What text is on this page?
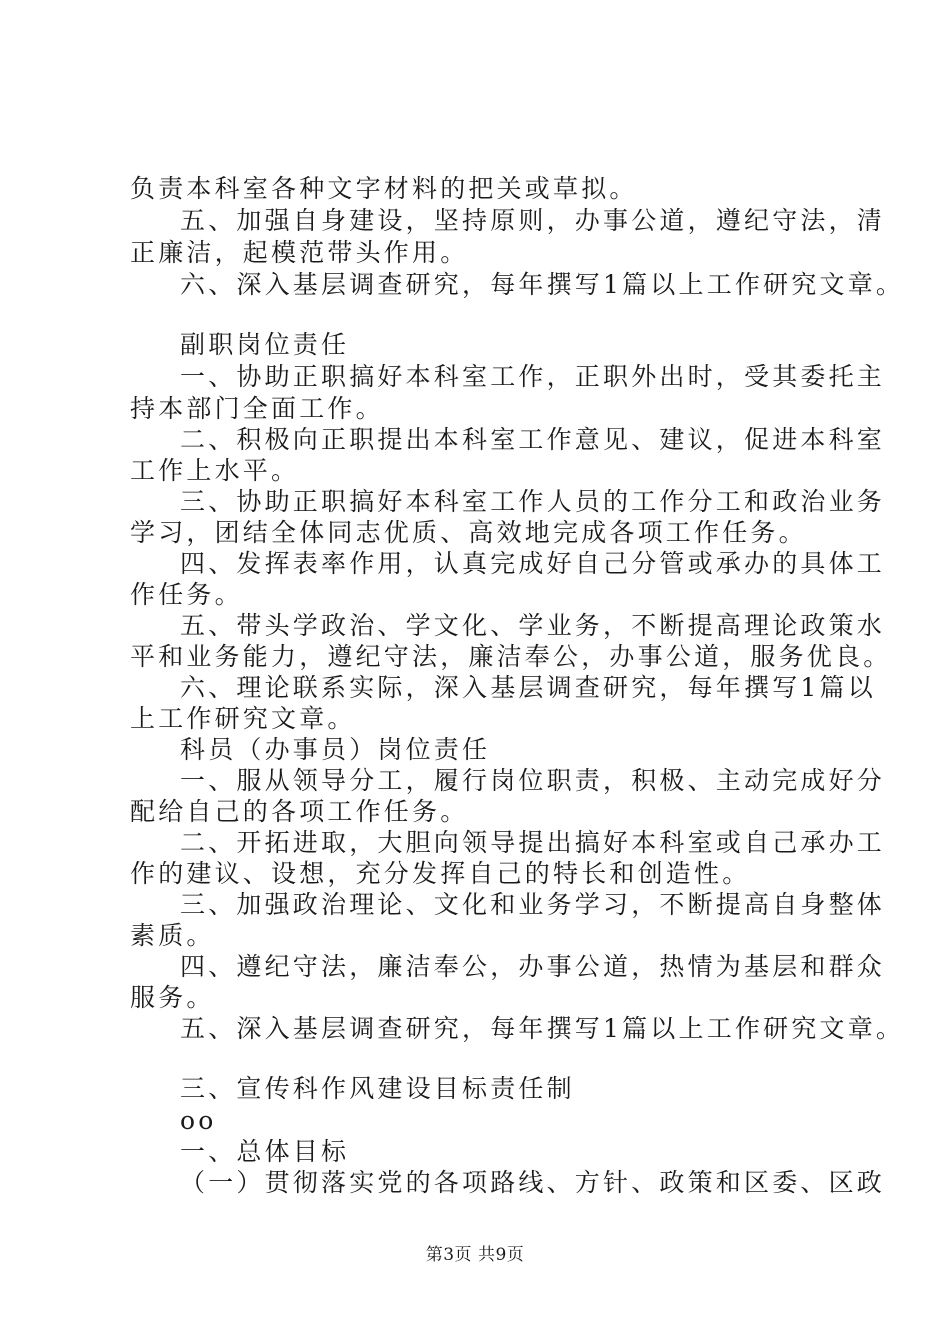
负责本科室各种文字材料的把关或草拟。
五、加强自身建设，坚持原则，办事公道，遵纪守法，清
正廉洁，起模范带头作用。
六、深入基层调查研究，每年撰写1篇以上工作研究文章。
副职岗位责任
一、协助正职搞好本科室工作，正职外出时，受其委托主
持本部门全面工作。
二、积极向正职提出本科室工作意见、建议，促进本科室
工作上水平。
三、协助正职搞好本科室工作人员的工作分工和政治业务
学习，团结全体同志优质、高效地完成各项工作任务。
四、发挥表率作用，认真完成好自己分管或承办的具体工
作任务。
五、带头学政治、学文化、学业务，不断提高理论政策水
平和业务能力，遵纪守法，廉洁奉公，办事公道，服务优良。
六、理论联系实际，深入基层调查研究，每年撰写1篇以
上工作研究文章。
科员（办事员）岗位责任
一、服从领导分工，履行岗位职责，积极、主动完成好分
配给自己的各项工作任务。
二、开拓进取，大胆向领导提出搞好本科室或自己承办工
作的建议、设想，充分发挥自己的特长和创造性。
三、加强政治理论、文化和业务学习，不断提高自身整体
素质。
四、遵纪守法，廉洁奉公，办事公道，热情为基层和群众
服务。
五、深入基层调查研究，每年撰写1篇以上工作研究文章。
三、宣传科作风建设目标责任制
oo
一、总体目标
（一）贯彻落实党的各项路线、方针、政策和区委、区政
第3页 共9页
